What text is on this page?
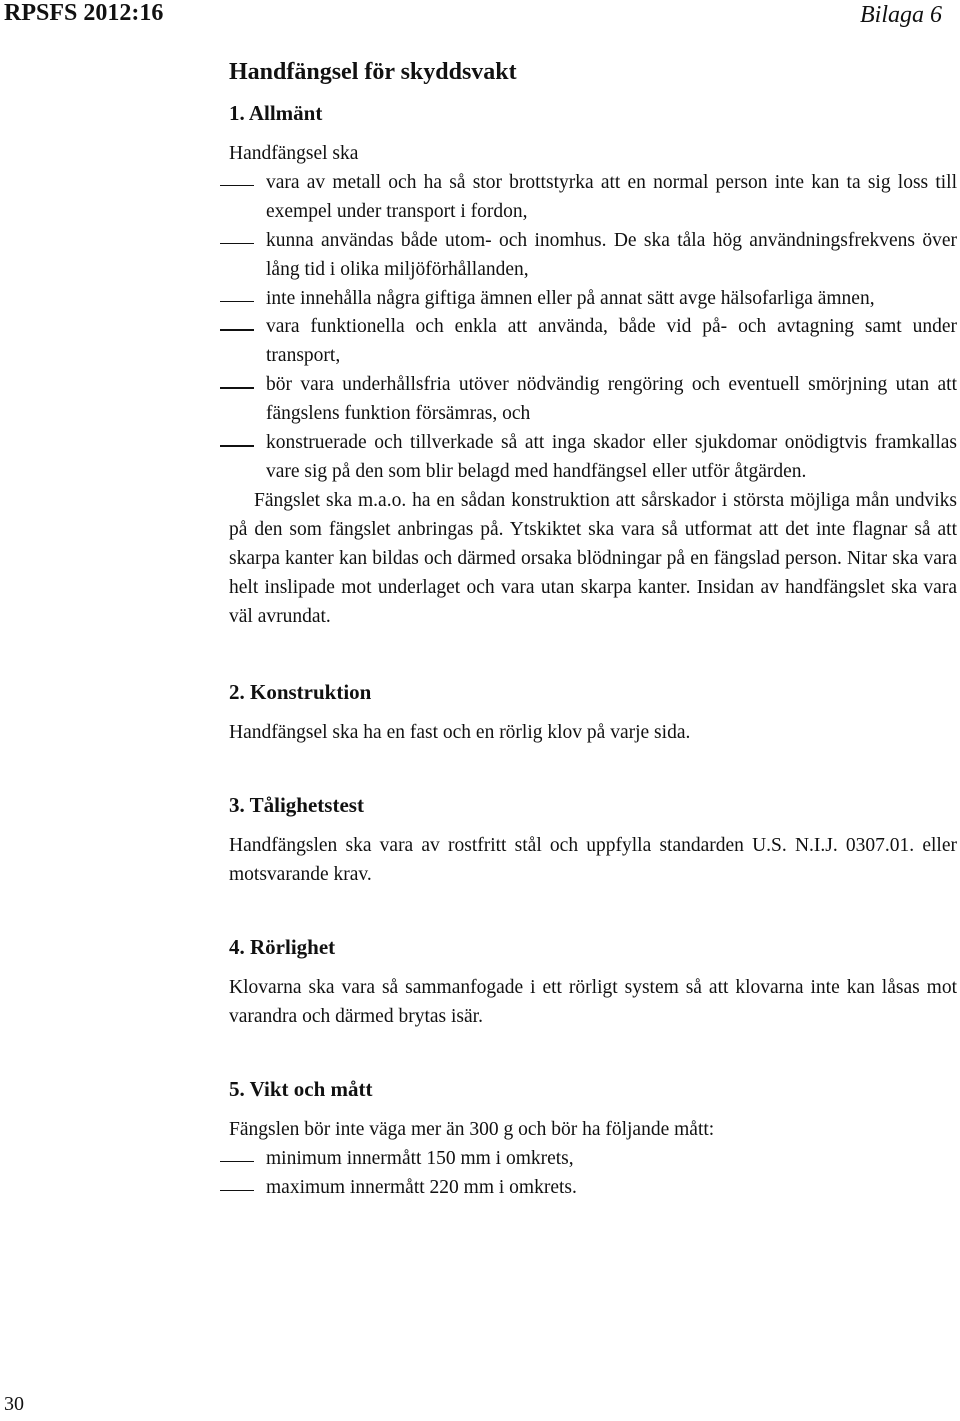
RPSFS 2012:16	Bilaga 6
Handfängsel för skyddsvakt
1. Allmänt

Handfängsel ska

vara av metall och ha så stor brottstyrka att en normal person inte kan ta sig loss till exempel under transport i fordon,
kunna användas både utom- och inomhus. De ska tåla hög användningsfrekvens över lång tid i olika miljöförhållanden,
inte innehålla några giftiga ämnen eller på annat sätt avge hälsofarliga ämnen,
vara funktionella och enkla att använda, både vid på- och avtagning samt under transport,
bör vara underhållsfria utöver nödvändig rengöring och eventuell smörjning utan att fängslens funktion försämras, och
konstruerade och tillverkade så att inga skador eller sjukdomar onödigtvis framkallas vare sig på den som blir belagd med handfängsel eller utför åtgärden.

Fängslet ska m.a.o. ha en sådan konstruktion att sårskador i största möjliga mån undviks på den som fängslet anbringas på. Ytskiktet ska vara så utformat att det inte flagnar så att skarpa kanter kan bildas och därmed orsaka blödningar på en fängslad person. Nitar ska vara helt inslipade mot underlaget och vara utan skarpa kanter. Insidan av handfängslet ska vara väl avrundat.

2. Konstruktion

Handfängsel ska ha en fast och en rörlig klov på varje sida.

3. Tålighetstest

Handfängslen ska vara av rostfritt stål och uppfylla standarden U.S. N.I.J. 0307.01. eller motsvarande krav.

4. Rörlighet

Klovarna ska vara så sammanfogade i ett rörligt system så att klovarna inte kan låsas mot varandra och därmed brytas isär.

5. Vikt och mått

Fängslen bör inte väga mer än 300 g och bör ha följande mått:

minimum innermått 150 mm i omkrets,
maximum innermått 220 mm i omkrets.
30
